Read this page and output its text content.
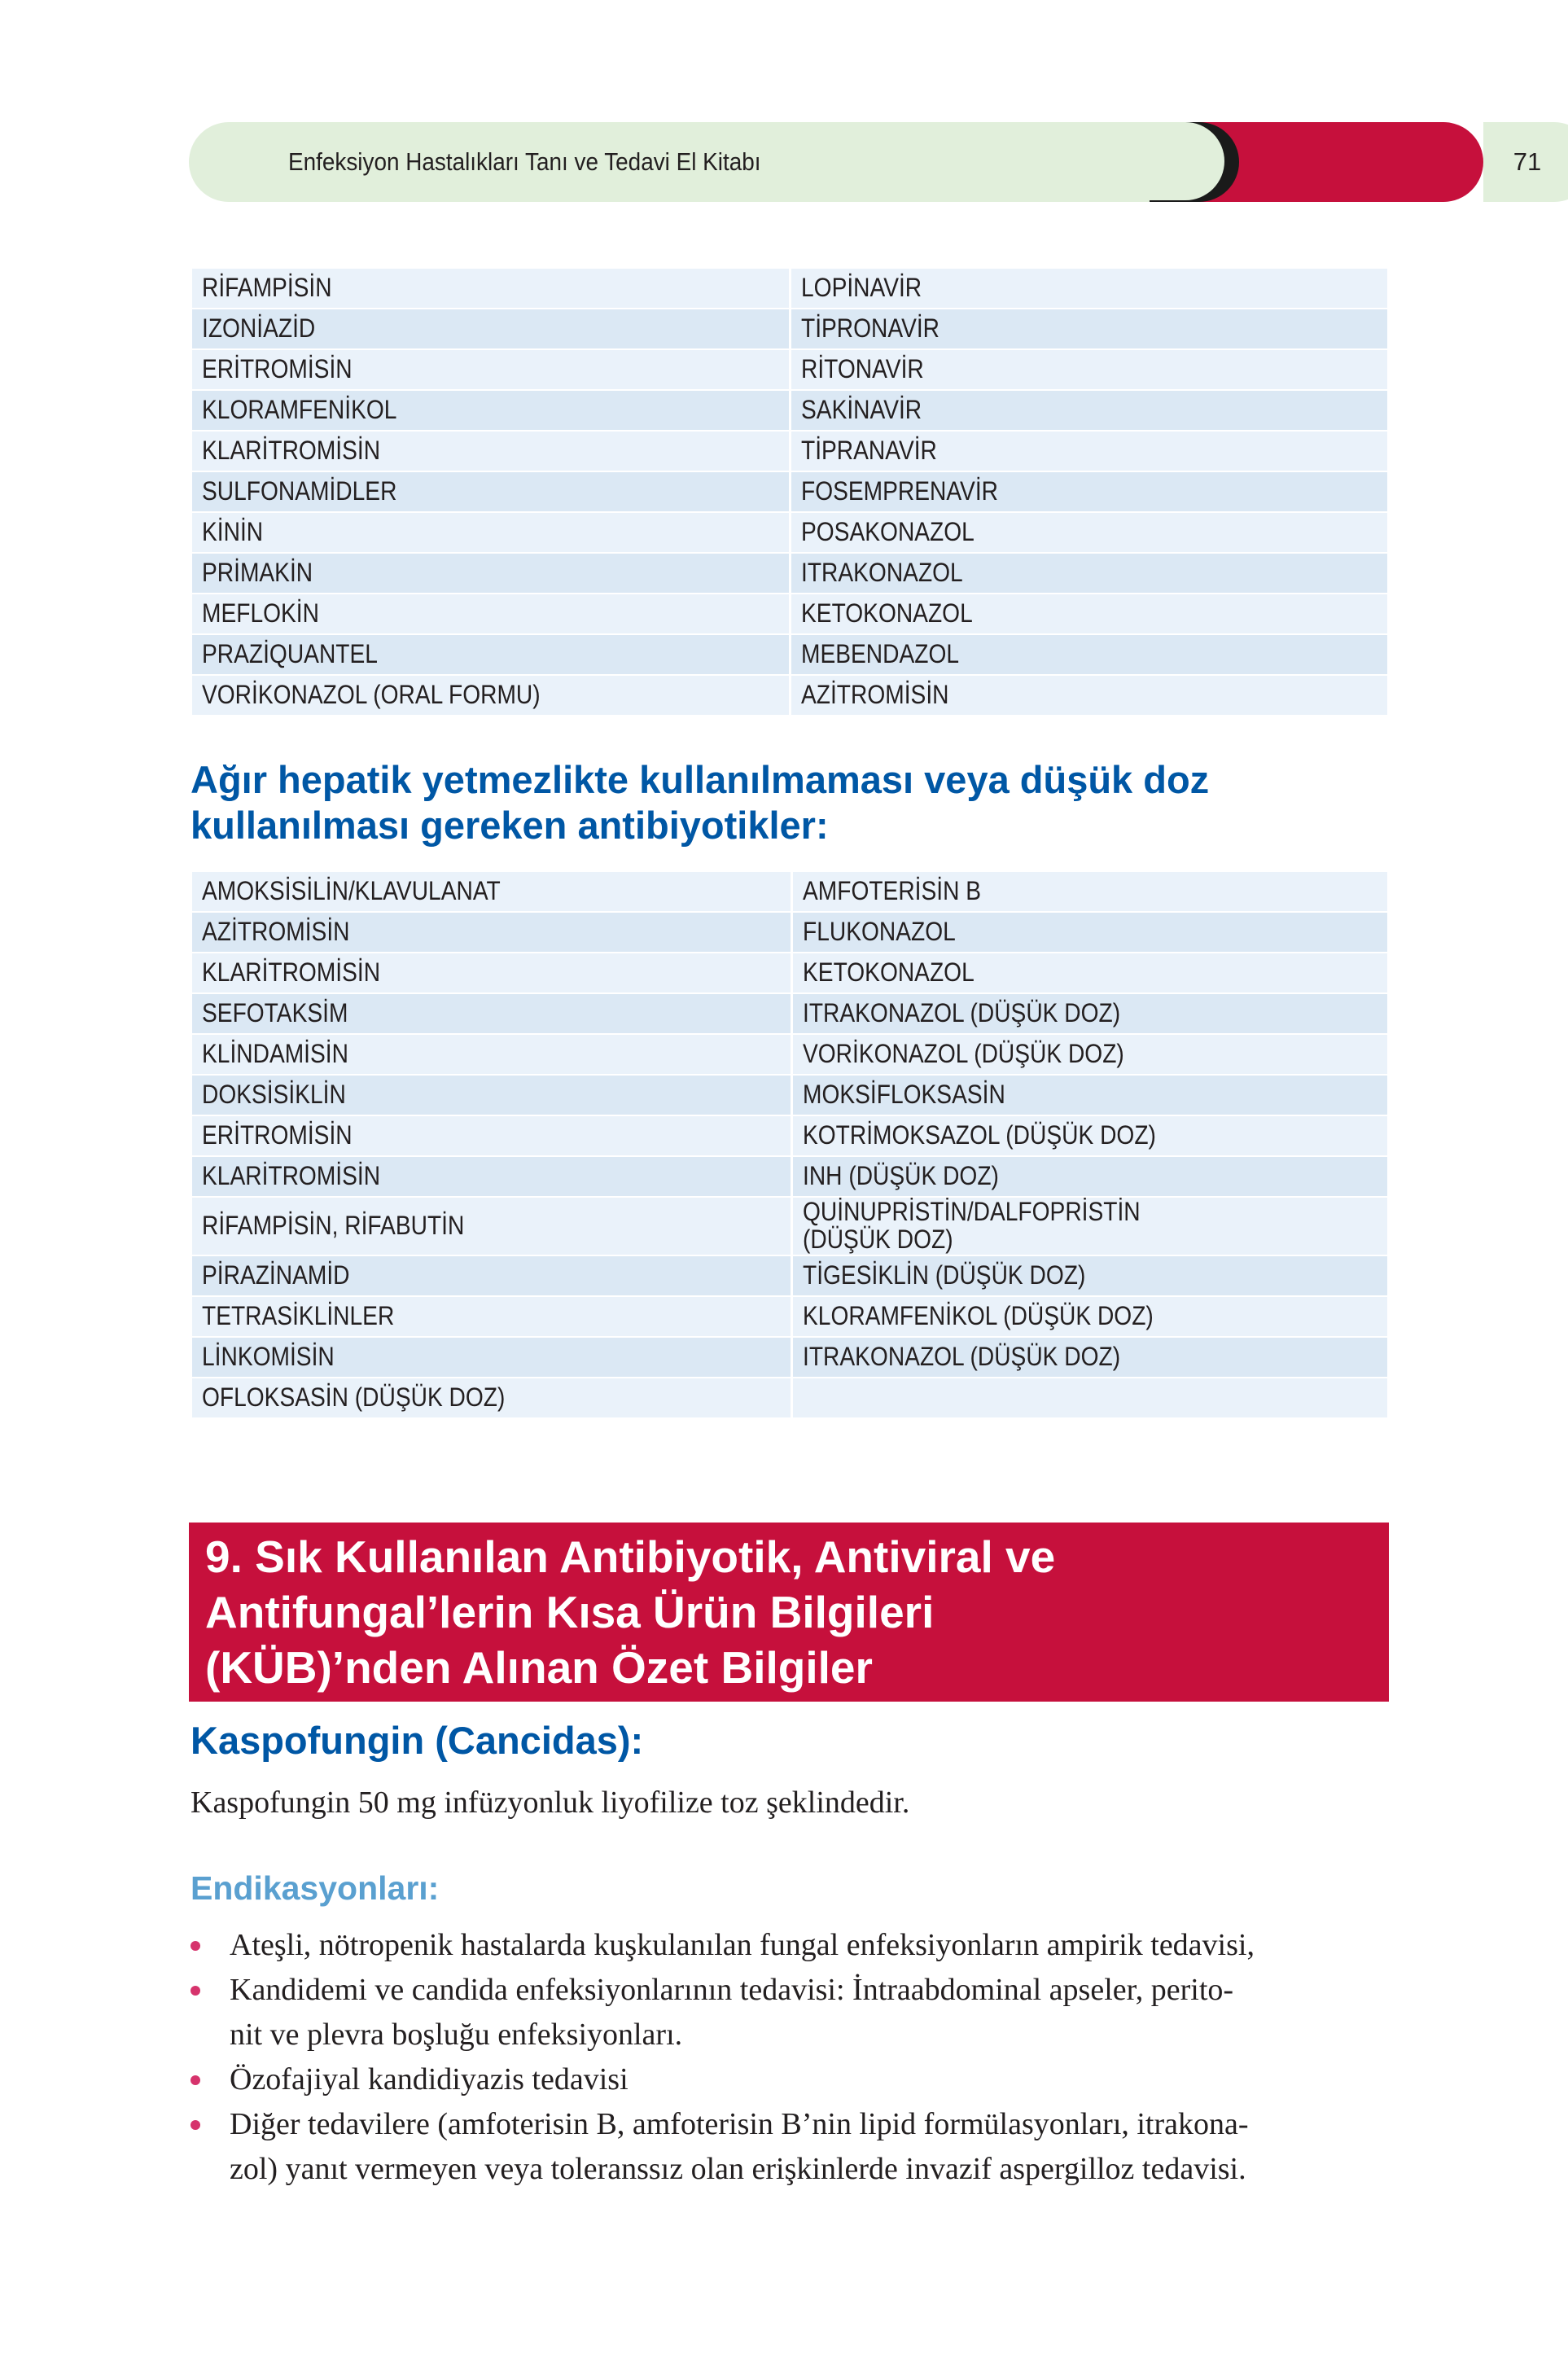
Enfeksiyon Hastalıkları Tanı ve Tedavi El Kitabı	71
RİFAMPİSİN	LOPİNAVİR
IZONİAZİD	TİPRONAVİR
ERİTROMİSİN	RİTONAVİR
KLORAMFENİKOL	SAKİNAVİR
KLARİTROMİSİN	TİPRANAVİR
SULFONAMİDLER	FOSEMPRENAVİR
KİNİN	POSAKONAZOL
PRİMAKİN	ITRAKONAZOL
MEFLOKİN	KETOKONAZOL
PRAZİQUANTEL	MEBENDAZOL
VORİKONAZOL (ORAL FORMU)	AZİTROMİSİN
Ağır hepatik yetmezlikte kullanılmaması veya düşük doz
kullanılması gereken antibiyotikler:
AMOKSİSİLİN/KLAVULANAT	AMFOTERİSİN B
AZİTROMİSİN	FLUKONAZOL
KLARİTROMİSİN	KETOKONAZOL
SEFOTAKSİM	ITRAKONAZOL (DÜŞÜK DOZ)
KLİNDAMİSİN	VORİKONAZOL (DÜŞÜK DOZ)
DOKSİSİKLİN	MOKSİFLOKSASİN
ERİTROMİSİN	KOTRİMOKSAZOL (DÜŞÜK DOZ)
KLARİTROMİSİN	INH (DÜŞÜK DOZ)
RİFAMPİSİN, RİFABUTİN	QUİNUPRİSTİN/DALFOPRİSTİN
(DÜŞÜK DOZ)
PİRAZİNAMİD	TİGESİKLİN (DÜŞÜK DOZ)
TETRASİKLİNLER	KLORAMFENİKOL (DÜŞÜK DOZ)
LİNKOMİSİN	ITRAKONAZOL (DÜŞÜK DOZ)
OFLOKSASİN (DÜŞÜK DOZ)	
9. Sık Kullanılan Antibiyotik, Antiviral ve
Antifungal’lerin Kısa Ürün Bilgileri
(KÜB)’nden Alınan Özet Bilgiler
Kaspofungin (Cancidas):
Kaspofungin 50 mg infüzyonluk liyofilize toz şeklindedir.
Endikasyonları:
Ateşli, nötropenik hastalarda kuşkulanılan fungal enfeksiyonların ampirik tedavisi,
Kandidemi ve candida enfeksiyonlarının tedavisi: İntraabdominal apseler, perito-
nit ve plevra boşluğu enfeksiyonları.
Özofajiyal kandidiyazis tedavisi
Diğer tedavilere (amfoterisin B, amfoterisin B’nin lipid formülasyonları, itrakona-
zol) yanıt vermeyen veya toleranssız olan erişkinlerde invazif aspergilloz tedavisi.
